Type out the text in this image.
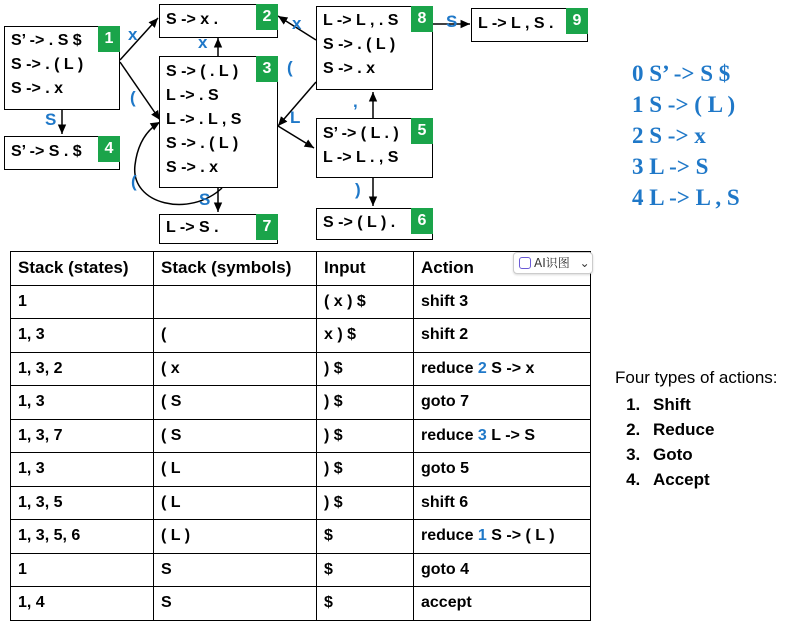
S’ -> . S $
S -> . ( L )
S -> . x
1
S -> x .	2
S -> ( . L )
L -> . S
L -> . L , S
S -> . ( L )
S -> . x
3
S’ -> S . $	4
S’ -> ( L . )
L -> L . , S
5
S -> ( L ) .	6
L -> S .	7
L -> L , . S
S -> . ( L )
S -> . x
8	L -> L , S .	9
x	x
x
(
(
(
S	L
,
S
)
S
0 S’ -> S $
1 S -> ( L )
2 S -> x
3 L -> S
4 L -> L , S
Stack (states)	Stack (symbols)	Input	Action
1		( x ) $	shift 3
1, 3	(	x ) $	shift 2
1, 3, 2	( x	) $	reduce 2 S -> x
1, 3	( S	) $	goto 7
1, 3, 7	( S	) $	reduce 3 L -> S
1, 3	( L	) $	goto 5
1, 3, 5	( L	) $	shift 6
1, 3, 5, 6	( L )	$	reduce 1 S -> ( L )
1	S	$	goto 4
1, 4	S	$	accept
AI识图 ⌄
Four types of actions:
1. Shift
2. Reduce
3. Goto
4. Accept
